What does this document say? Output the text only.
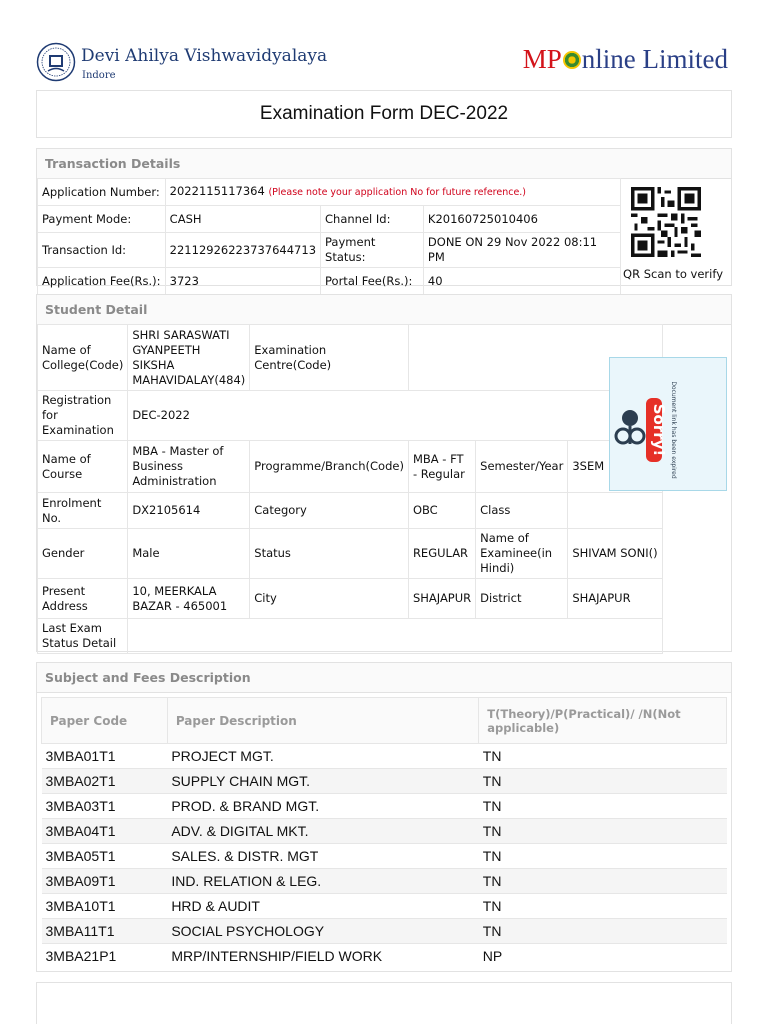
Devi Ahilya Vishwavidyalaya
Indore
MP nline Limited
Examination Form DEC-2022
Transaction Details
Application Number:	2022115117364 (Please note your application No for future reference.)		
Payment Mode:	CASH	Channel Id:	K20160725010406
Transaction Id:	22112926223737644713	Payment Status:	DONE ON 29 Nov 2022 08:11 PM
Application Fee(Rs.):	3723	Portal Fee(Rs.):	40	QR Scan to verify
Student Detail
Name of College(Code)	SHRI SARASWATI GYANPEETH SIKSHA MAHAVIDALAY(484)	Examination Centre(Code)			
Registration for Examination	DEC-2022				
Name of Course	MBA - Master of Business Administration	Programme/Branch(Code)	MBA - FT - Regular	Semester/Year	3SEM
Enrolment No.	DX2105614	Category	OBC	Class	
Gender	Male	Status	REGULAR	Name of Examinee(in Hindi)	SHIVAM SONI()
Present Address	10, MEERKALA BAZAR - 465001	City	SHAJAPUR	District	SHAJAPUR
Last Exam Status Detail					
Sorry! Document link has been expired
Subject and Fees Description
Paper Code	Paper Description	T(Theory)/P(Practical)/ /N(Not applicable)
3MBA01T1	PROJECT MGT.	TN
3MBA02T1	SUPPLY CHAIN MGT.	TN
3MBA03T1	PROD. & BRAND MGT.	TN
3MBA04T1	ADV. & DIGITAL MKT.	TN
3MBA05T1	SALES. & DISTR. MGT	TN
3MBA09T1	IND. RELATION & LEG.	TN
3MBA10T1	HRD & AUDIT	TN
3MBA11T1	SOCIAL PSYCHOLOGY	TN
3MBA21P1	MRP/INTERNSHIP/FIELD WORK	NP
